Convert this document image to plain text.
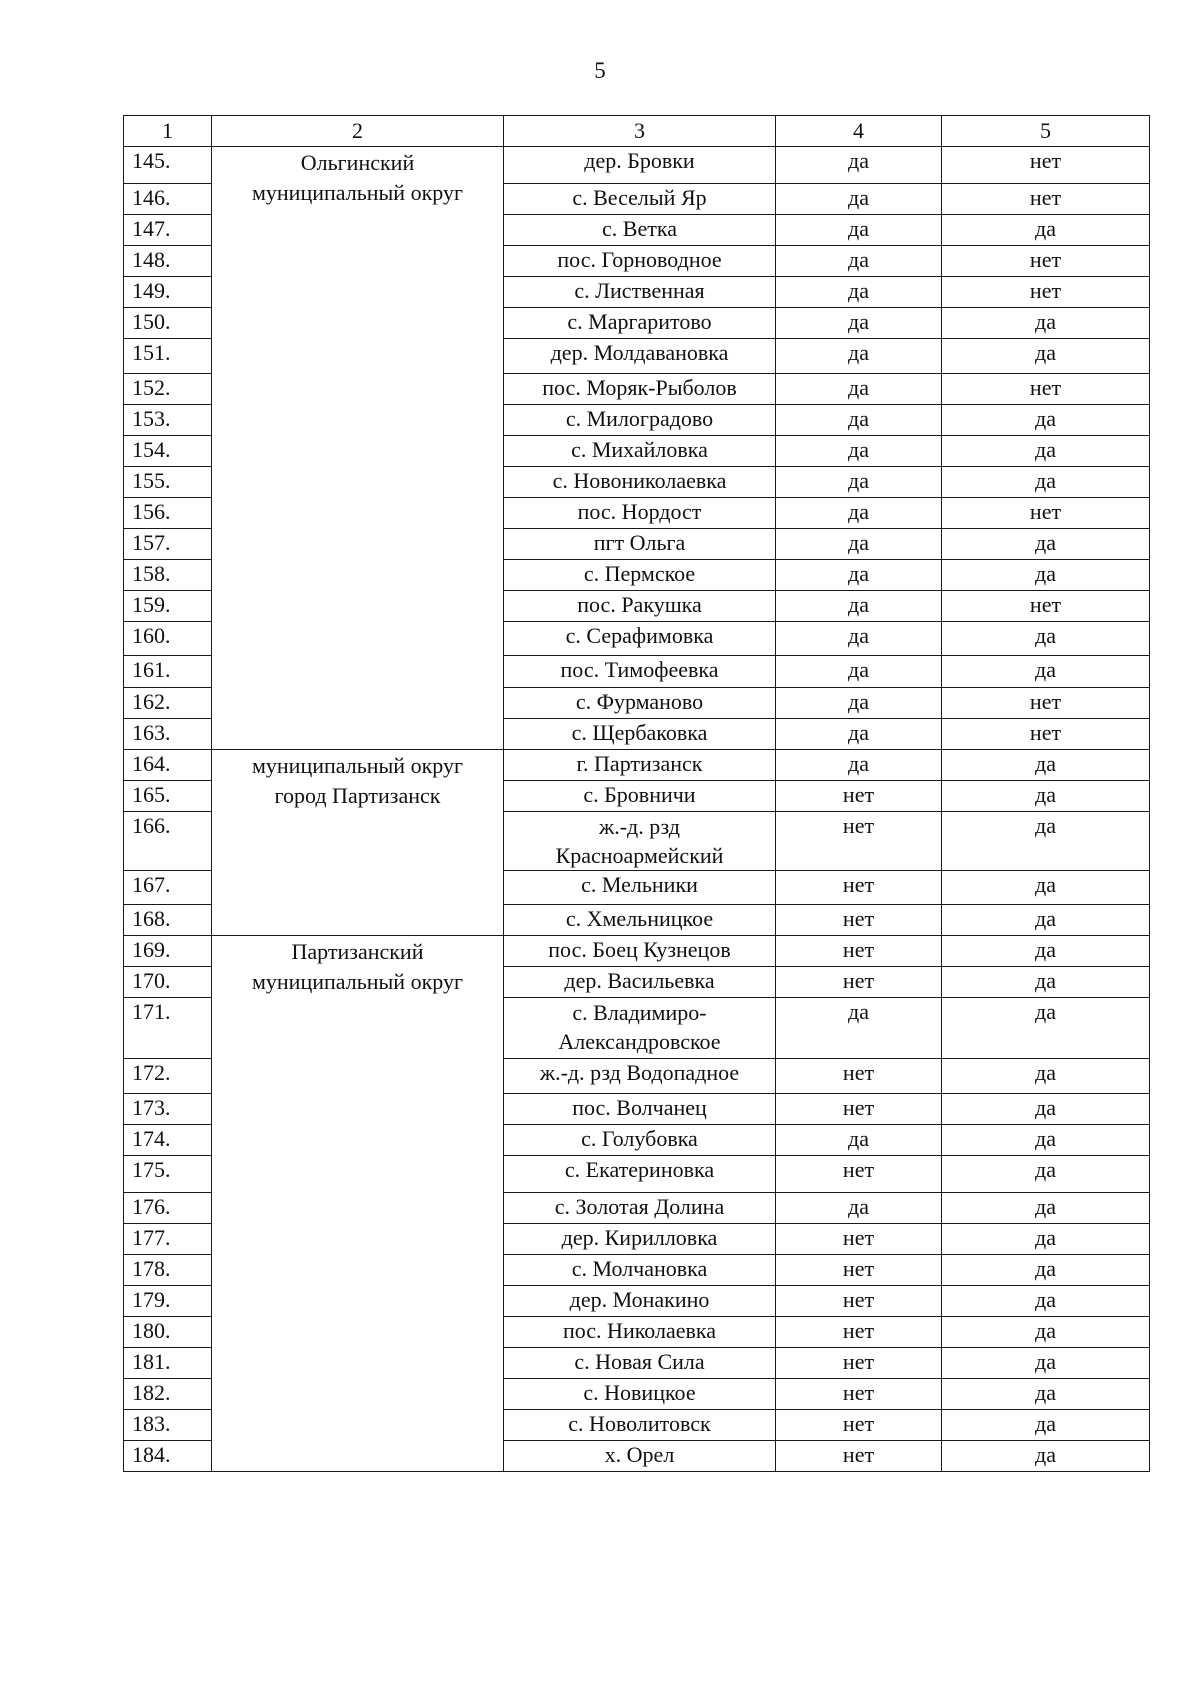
5
1	2	3	4	5
145.	Ольгинский муниципальный округ	дер. Бровки	да	нет
146.		с. Веселый Яр	да	нет
147.		с. Ветка	да	да
148.		пос. Горноводное	да	нет
149.		с. Лиственная	да	нет
150.		с. Маргаритово	да	да
151.		дер. Молдавановка	да	да
152.		пос. Моряк-Рыболов	да	нет
153.		с. Милоградово	да	да
154.		с. Михайловка	да	да
155.		с. Новониколаевка	да	да
156.		пос. Нордост	да	нет
157.		пгт Ольга	да	да
158.		с. Пермское	да	да
159.		пос. Ракушка	да	нет
160.		с. Серафимовка	да	да
161.		пос. Тимофеевка	да	да
162.		с. Фурманово	да	нет
163.		с. Щербаковка	да	нет
164.	муниципальный округ город Партизанск	г. Партизанск	да	да
165.		с. Бровничи	нет	да
166.		ж.-д. рзд Красноармейский	нет	да
167.		с. Мельники	нет	да
168.		с. Хмельницкое	нет	да
169.	Партизанский муниципальный округ	пос. Боец Кузнецов	нет	да
170.		дер. Васильевка	нет	да
171.		с. Владимиро-Александровское	да	да
172.		ж.-д. рзд Водопадное	нет	да
173.		пос. Волчанец	нет	да
174.		с. Голубовка	да	да
175.		с. Екатериновка	нет	да
176.		с. Золотая Долина	да	да
177.		дер. Кирилловка	нет	да
178.		с. Молчановка	нет	да
179.		дер. Монакино	нет	да
180.		пос. Николаевка	нет	да
181.		с. Новая Сила	нет	да
182.		с. Новицкое	нет	да
183.		с. Новолитовск	нет	да
184.		х. Орел	нет	да
